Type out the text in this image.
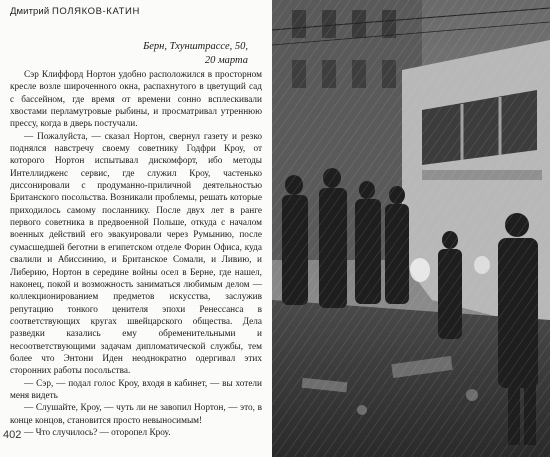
Дмитрий ПОЛЯКОВ-КАТИН
Берн, Тхунштрассе, 50,
20 марта

Сэр Клиффорд Нортон удобно расположился в просторном кресле возле широченного окна, распахнутого в цветущий сад с бассейном, где время от времени сонно всплескивали хвостами перламутровые рыбины, и просматривал утреннюю прессу, когда в дверь постучали.

— Пожалуйста, — сказал Нортон, свернул газету и резко поднялся навстречу своему советнику Годфри Кроу, от которого Нортон испытывал дискомфорт, ибо методы Интеллидженс сервис, где служил Кроу, частенько диссонировали с продуманно-приличной деятельностью Британского посольства. Возникали проблемы, решать которые приходилось самому посланнику. После двух лет в ранге первого советника в предвоенной Польше, откуда с началом военных действий его эвакуировали через Румынию, после сумасшедшей беготни в египетском отделе Форин Офиса, куда свалили и Абиссинию, и Британское Сомали, и Ливию, и Либерию, Нортон в середине войны осел в Берне, где нашел, наконец, покой и возможность заниматься любимым делом — коллекционированием предметов искусства, заслужив репутацию тонкого ценителя эпохи Ренессанса в соответствующих кругах швейцарского общества. Дела разведки казались ему обременительными и несоответствующими задачам дипломатической службы, тем более что Энтони Иден неоднократно одергивал этих сторонних работы посольства.

— Сэр, — подал голос Кроу, входя в кабинет, — вы хотели меня видеть

— Слушайте, Кроу, — чуть ли не завопил Нортон, — это, в конце концов, становится просто невыносимым!

— Что случилось? — оторопел Кроу.

402
